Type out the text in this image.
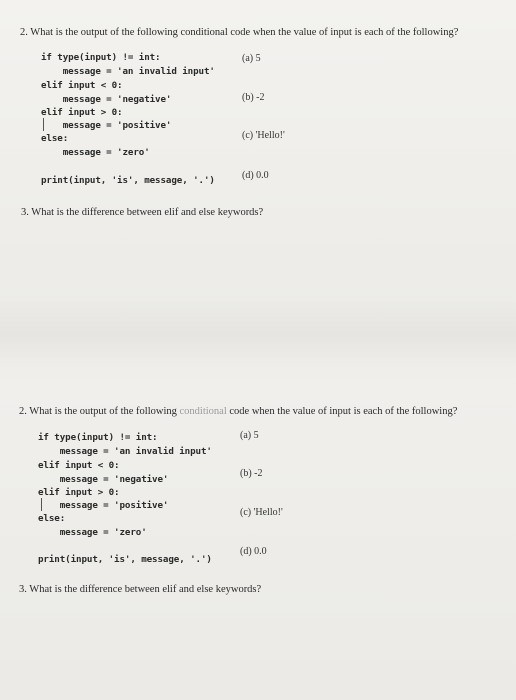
2. What is the output of the following conditional code when the value of input is each of the following?
if type(input) != int:
message = 'an invalid input'
elif input < 0:
message = 'negative'
elif input > 0:
message = 'positive'
else:
message = 'zero'
print(input, 'is', message, '.')
(a) 5
(b) -2
(c) 'Hello!'
(d) 0.0
3. What is the difference between elif and else keywords?
2. What is the output of the following conditional code when the value of input is each of the following?
if type(input) != int:
message = 'an invalid input'
elif input < 0:
message = 'negative'
elif input > 0:
message = 'positive'
else:
message = 'zero'
print(input, 'is', message, '.')
(a) 5
(b) -2
(c) 'Hello!'
(d) 0.0
3. What is the difference between elif and else keywords?
